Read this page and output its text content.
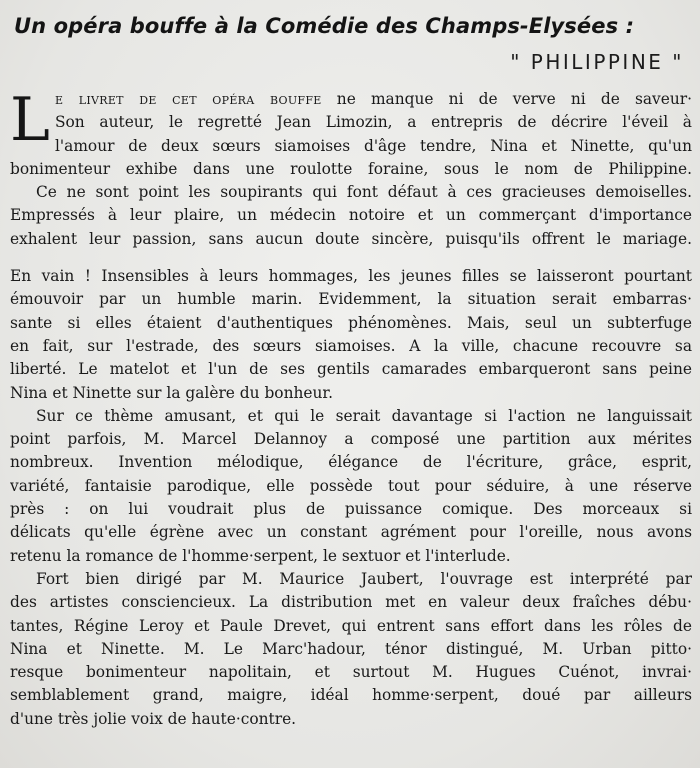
Un opéra bouffe à la Comédie des Champs-Elysées :
" PHILIPPINE "
L e livret de cet opéra bouffe ne manque ni de verve ni de saveur·
Son auteur, le regretté Jean Limozin, a entrepris de décrire l'éveil à
l'amour de deux sœurs siamoises d'âge tendre, Nina et Ninette, qu'un
bonimenteur exhibe dans une roulotte foraine, sous le nom de Philippine.
Ce ne sont point les soupirants qui font défaut à ces gracieuses demoiselles.
Empressés à leur plaire, un médecin notoire et un commerçant d'importance
exhalent leur passion, sans aucun doute sincère, puisqu'ils offrent le mariage.
En vain ! Insensibles à leurs hommages, les jeunes filles se laisseront pourtant
émouvoir par un humble marin. Evidemment, la situation serait embarras·
sante si elles étaient d'authentiques phénomènes. Mais, seul un subterfuge
en fait, sur l'estrade, des sœurs siamoises. A la ville, chacune recouvre sa
liberté. Le matelot et l'un de ses gentils camarades embarqueront sans peine
Nina et Ninette sur la galère du bonheur.
Sur ce thème amusant, et qui le serait davantage si l'action ne languissait
point parfois, M. Marcel Delannoy a composé une partition aux mérites
nombreux. Invention mélodique, élégance de l'écriture, grâce, esprit,
variété, fantaisie parodique, elle possède tout pour séduire, à une réserve
près : on lui voudrait plus de puissance comique. Des morceaux si
délicats qu'elle égrène avec un constant agrément pour l'oreille, nous avons
retenu la romance de l'homme·serpent, le sextuor et l'interlude.
Fort bien dirigé par M. Maurice Jaubert, l'ouvrage est interprété par
des artistes consciencieux. La distribution met en valeur deux fraîches débu·
tantes, Régine Leroy et Paule Drevet, qui entrent sans effort dans les rôles de
Nina et Ninette. M. Le Marc'hadour, ténor distingué, M. Urban pitto·
resque bonimenteur napolitain, et surtout M. Hugues Cuénot, invrai·
semblablement grand, maigre, idéal homme·serpent, doué par ailleurs
d'une très jolie voix de haute·contre.
